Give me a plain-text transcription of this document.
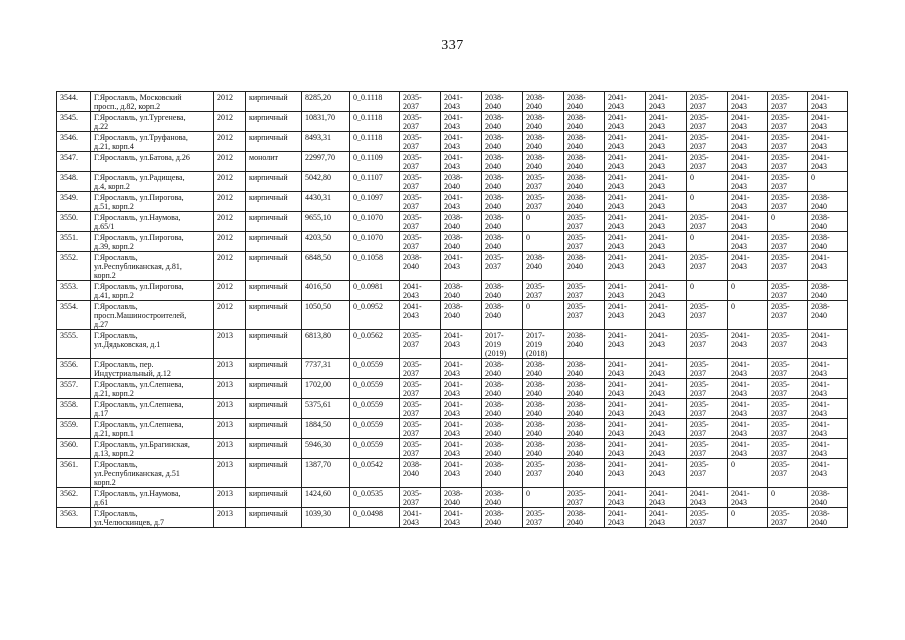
337
3544.	Г.Ярославль, Московский
просп., д.82, корп.2	2012	кирпичный	8285,20	0_0.1118	2035-
2037	2041-
2043	2038-
2040	2038-
2040	2038-
2040	2041-
2043	2041-
2043	2035-
2037	2041-
2043	2035-
2037	2041-
2043
3545.	Г.Ярославль, ул.Тургенева,
д.22	2012	кирпичный	10831,70	0_0.1118	2035-
2037	2041-
2043	2038-
2040	2038-
2040	2038-
2040	2041-
2043	2041-
2043	2035-
2037	2041-
2043	2035-
2037	2041-
2043
3546.	Г.Ярославль, ул.Труфанова,
д.21, корп.4	2012	кирпичный	8493,31	0_0.1118	2035-
2037	2041-
2043	2038-
2040	2038-
2040	2038-
2040	2041-
2043	2041-
2043	2035-
2037	2041-
2043	2035-
2037	2041-
2043
3547.	Г.Ярославль, ул.Батова, д.26	2012	монолит	22997,70	0_0.1109	2035-
2037	2041-
2043	2038-
2040	2038-
2040	2038-
2040	2041-
2043	2041-
2043	2035-
2037	2041-
2043	2035-
2037	2041-
2043
3548.	Г.Ярославль, ул.Радищева,
д.4, корп.2	2012	кирпичный	5042,80	0_0.1107	2035-
2037	2038-
2040	2038-
2040	2035-
2037	2038-
2040	2041-
2043	2041-
2043	0	2041-
2043	2035-
2037	0
3549.	Г.Ярославль, ул.Пирогова,
д.51, корп.2	2012	кирпичный	4430,31	0_0.1097	2035-
2037	2041-
2043	2038-
2040	2035-
2037	2038-
2040	2041-
2043	2041-
2043	0	2041-
2043	2035-
2037	2038-
2040
3550.	Г.Ярославль, ул.Наумова,
д.65/1	2012	кирпичный	9655,10	0_0.1070	2035-
2037	2038-
2040	2038-
2040	0	2035-
2037	2041-
2043	2041-
2043	2035-
2037	2041-
2043	0	2038-
2040
3551.	Г.Ярославль, ул.Пирогова,
д.39, корп.2	2012	кирпичный	4203,50	0_0.1070	2035-
2037	2038-
2040	2038-
2040	0	2035-
2037	2041-
2043	2041-
2043	0	2041-
2043	2035-
2037	2038-
2040
3552.	Г.Ярославль,
ул.Республиканская, д.81,
корп.2	2012	кирпичный	6848,50	0_0.1058	2038-
2040	2041-
2043	2035-
2037	2038-
2040	2038-
2040	2041-
2043	2041-
2043	2035-
2037	2041-
2043	2035-
2037	2041-
2043
3553.	Г.Ярославль, ул.Пирогова,
д.41, корп.2	2012	кирпичный	4016,50	0_0.0981	2041-
2043	2038-
2040	2038-
2040	2035-
2037	2035-
2037	2041-
2043	2041-
2043	0	0	2035-
2037	2038-
2040
3554.	Г.Ярославль,
просп.Машиностроителей,
д.27	2012	кирпичный	1050,50	0_0.0952	2041-
2043	2038-
2040	2038-
2040	0	2035-
2037	2041-
2043	2041-
2043	2035-
2037	0	2035-
2037	2038-
2040
3555.	Г.Ярославль,
ул.Дядьковская, д.1	2013	кирпичный	6813,80	0_0.0562	2035-
2037	2041-
2043	2017-
2019
(2019)	2017-
2019
(2018)	2038-
2040	2041-
2043	2041-
2043	2035-
2037	2041-
2043	2035-
2037	2041-
2043
3556.	Г.Ярославль, пер.
Индустриальный, д.12	2013	кирпичный	7737,31	0_0.0559	2035-
2037	2041-
2043	2038-
2040	2038-
2040	2038-
2040	2041-
2043	2041-
2043	2035-
2037	2041-
2043	2035-
2037	2041-
2043
3557.	Г.Ярославль, ул.Слепнева,
д.21, корп.2	2013	кирпичный	1702,00	0_0.0559	2035-
2037	2041-
2043	2038-
2040	2038-
2040	2038-
2040	2041-
2043	2041-
2043	2035-
2037	2041-
2043	2035-
2037	2041-
2043
3558.	Г.Ярославль, ул.Слепнева,
д.17	2013	кирпичный	5375,61	0_0.0559	2035-
2037	2041-
2043	2038-
2040	2038-
2040	2038-
2040	2041-
2043	2041-
2043	2035-
2037	2041-
2043	2035-
2037	2041-
2043
3559.	Г.Ярославль, ул.Слепнева,
д.21, корп.1	2013	кирпичный	1884,50	0_0.0559	2035-
2037	2041-
2043	2038-
2040	2038-
2040	2038-
2040	2041-
2043	2041-
2043	2035-
2037	2041-
2043	2035-
2037	2041-
2043
3560.	Г.Ярославль, ул.Брагинская,
д.13, корп.2	2013	кирпичный	5946,30	0_0.0559	2035-
2037	2041-
2043	2038-
2040	2038-
2040	2038-
2040	2041-
2043	2041-
2043	2035-
2037	2041-
2043	2035-
2037	2041-
2043
3561.	Г.Ярославль,
ул.Республиканская, д.51
корп.2	2013	кирпичный	1387,70	0_0.0542	2038-
2040	2041-
2043	2038-
2040	2035-
2037	2038-
2040	2041-
2043	2041-
2043	2035-
2037	0	2035-
2037	2041-
2043
3562.	Г.Ярославль, ул.Наумова,
д.61	2013	кирпичный	1424,60	0_0.0535	2035-
2037	2038-
2040	2038-
2040	0	2035-
2037	2041-
2043	2041-
2043	2041-
2043	2041-
2043	0	2038-
2040
3563.	Г.Ярославль,
ул.Челюскинцев, д.7	2013	кирпичный	1039,30	0_0.0498	2041-
2043	2041-
2043	2038-
2040	2035-
2037	2038-
2040	2041-
2043	2041-
2043	2035-
2037	0	2035-
2037	2038-
2040
